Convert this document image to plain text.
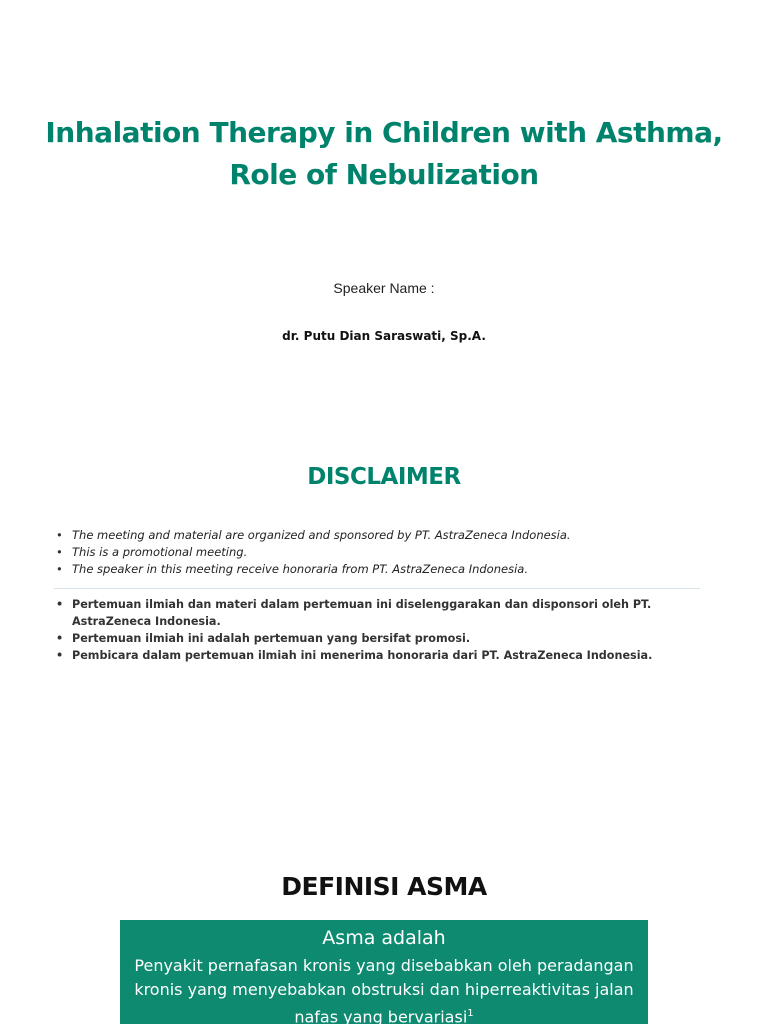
Inhalation Therapy in Children with Asthma,
Role of Nebulization
Speaker Name :
dr. Putu Dian Saraswati, Sp.A.
DISCLAIMER
• The meeting and material are organized and sponsored by PT. AstraZeneca Indonesia.
• This is a promotional meeting.
• The speaker in this meeting receive honoraria from PT. AstraZeneca Indonesia.
• Pertemuan ilmiah dan materi dalam pertemuan ini diselenggarakan dan disponsori oleh PT. AstraZeneca Indonesia.
• Pertemuan ilmiah ini adalah pertemuan yang bersifat promosi.
• Pembicara dalam pertemuan ilmiah ini menerima honoraria dari PT. AstraZeneca Indonesia.
DEFINISI ASMA
Asma adalah
Penyakit pernafasan kronis yang disebabkan oleh peradangan kronis yang menyebabkan obstruksi dan hiperreaktivitas jalan nafas yang bervariasi$^1$
